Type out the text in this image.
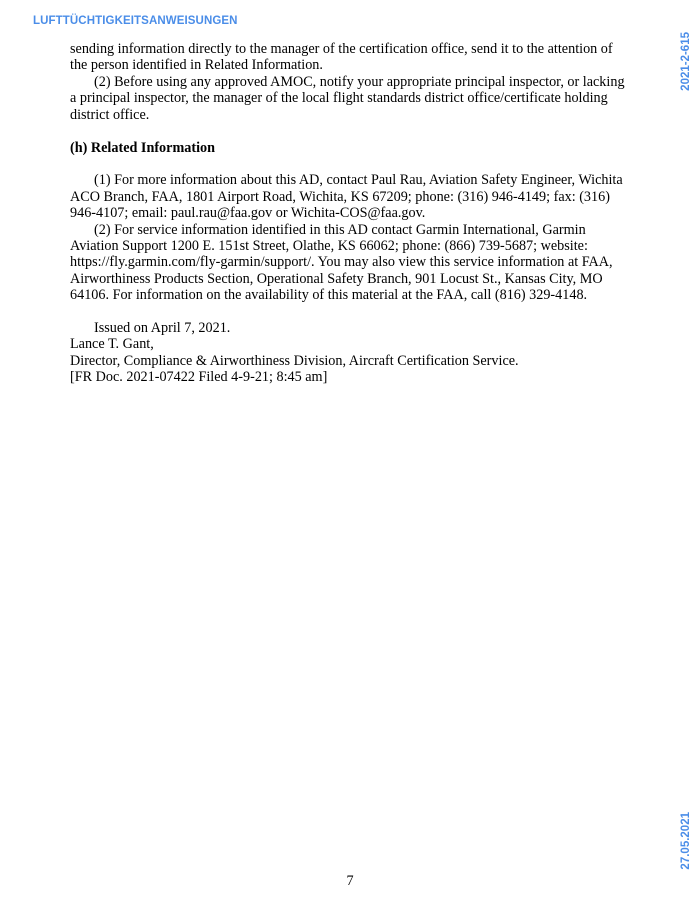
LUFTTÜCHTIGKEITSANWEISUNGEN
2021-2-615
27.05.2021

sending information directly to the manager of the certification office, send it to the attention of the person identified in Related Information.

(2) Before using any approved AMOC, notify your appropriate principal inspector, or lacking a principal inspector, the manager of the local flight standards district office/certificate holding district office.

(h) Related Information

(1) For more information about this AD, contact Paul Rau, Aviation Safety Engineer, Wichita ACO Branch, FAA, 1801 Airport Road, Wichita, KS 67209; phone: (316) 946-4149; fax: (316) 946-4107; email: paul.rau@faa.gov or Wichita-COS@faa.gov.

(2) For service information identified in this AD contact Garmin International, Garmin Aviation Support 1200 E. 151st Street, Olathe, KS 66062; phone: (866) 739-5687; website: https://fly.garmin.com/fly-garmin/support/. You may also view this service information at FAA, Airworthiness Products Section, Operational Safety Branch, 901 Locust St., Kansas City, MO 64106. For information on the availability of this material at the FAA, call (816) 329-4148.

Issued on April 7, 2021.

Lance T. Gant,

Director, Compliance & Airworthiness Division, Aircraft Certification Service.

[FR Doc. 2021-07422 Filed 4-9-21; 8:45 am]

7
